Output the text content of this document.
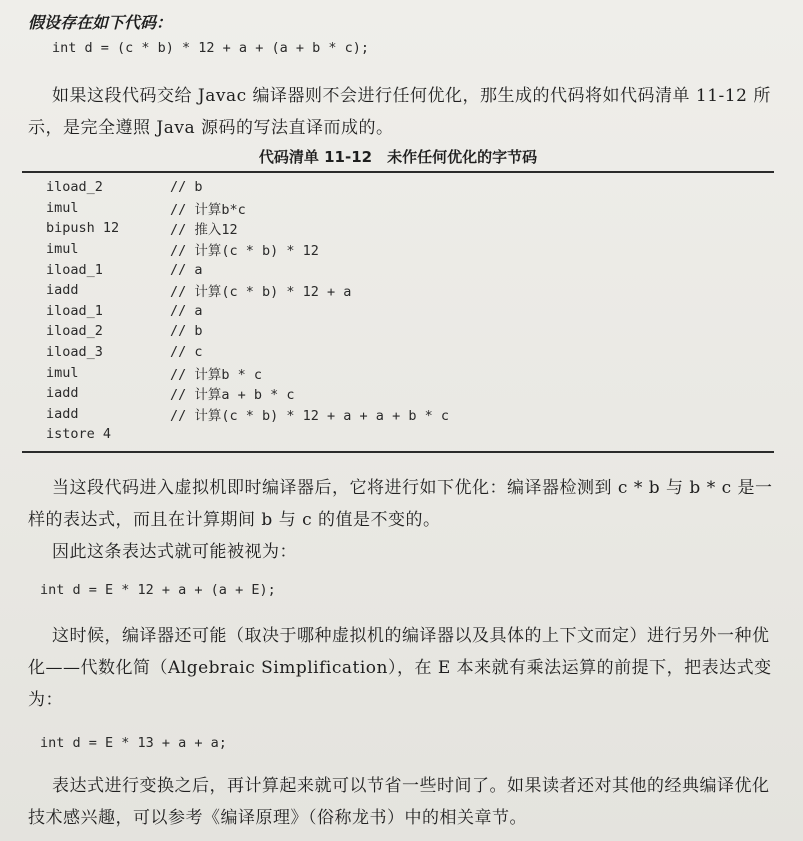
假设存在如下代码：
int d = (c * b) * 12 + a + (a + b * c);
如果这段代码交给 Javac 编译器则不会进行任何优化，那生成的代码将如代码清单 11-12 所示，是完全遵照 Java 源码的写法直译而成的。
代码清单 11-12　未作任何优化的字节码
iload_2	// b
imul	// 计算b*c
bipush 12	// 推入12
imul	// 计算(c * b) * 12
iload_1	// a
iadd	// 计算(c * b) * 12 + a
iload_1	// a
iload_2	// b
iload_3	// c
imul	// 计算b * c
iadd	// 计算a + b * c
iadd	// 计算(c * b) * 12 + a + a + b * c
istore 4
当这段代码进入虚拟机即时编译器后，它将进行如下优化：编译器检测到 c * b 与 b * c 是一样的表达式，而且在计算期间 b 与 c 的值是不变的。
因此这条表达式就可能被视为：
int d = E * 12 + a + (a + E);
这时候，编译器还可能（取决于哪种虚拟机的编译器以及具体的上下文而定）进行另外一种优化——代数化简（Algebraic Simplification），在 E 本来就有乘法运算的前提下，把表达式变为：
int d = E * 13 + a + a;
表达式进行变换之后，再计算起来就可以节省一些时间了。如果读者还对其他的经典编译优化技术感兴趣，可以参考《编译原理》（俗称龙书）中的相关章节。
